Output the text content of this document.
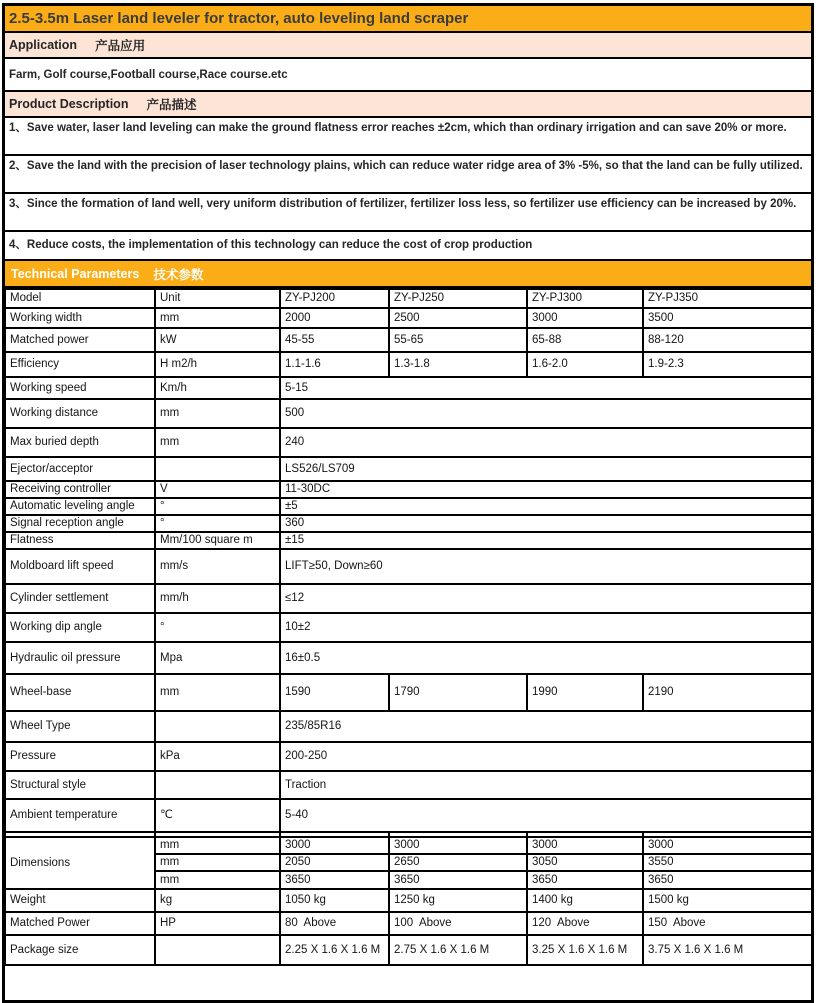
2.5-3.5m Laser land leveler for tractor, auto leveling land scraper
Application 产品应用
Farm, Golf course,Football course,Race course.etc
Product Description 产品描述
1、Save water, laser land leveling can make the ground flatness error reaches ±2cm, which than ordinary irrigation and can save 20% or more.
2、Save the land with the precision of laser technology plains, which can reduce water ridge area of 3% -5%, so that the land can be fully utilized.
3、Since the formation of land well, very uniform distribution of fertilizer, fertilizer loss less, so fertilizer use efficiency can be increased by 20%.
4、Reduce costs, the implementation of this technology can reduce the cost of crop production
Technical Parameters 技术参数
Model	Unit	ZY-PJ200	ZY-PJ250	ZY-PJ300	ZY-PJ350
Working width	mm	2000	2500	3000	3500
Matched power	kW	45-55	55-65	65-88	88-120
Efficiency	H m2/h	1.1-1.6	1.3-1.8	1.6-2.0	1.9-2.3
Working speed	Km/h	5-15			
Working distance	mm	500			
Max buried depth	mm	240			
Ejector/acceptor		LS526/LS709			
Receiving controller	V	11-30DC			
Automatic leveling angle	°	±5			
Signal reception angle	°	360			
Flatness	Mm/100 square m	±15			
Moldboard lift speed	mm/s	LIFT≥50, Down≥60			
Cylinder settlement	mm/h	≤12			
Working dip angle	°	10±2			
Hydraulic oil pressure	Mpa	16±0.5			
Wheel-base	mm	1590	1790	1990	2190
Wheel Type		235/85R16			
Pressure	kPa	200-250			
Structural style		Traction			
Ambient temperature	℃	5-40			

Dimensions	mm	3000	3000	3000	3000
	mm	2050	2650	3050	3550
	mm	3650	3650	3650	3650
Weight	kg	1050 kg	1250 kg	1400 kg	1500 kg
Matched Power	HP	80  Above	100  Above	120  Above	150  Above
Package size		2.25 X 1.6 X 1.6 M	2.75 X 1.6 X 1.6 M	3.25 X 1.6 X 1.6 M	3.75 X 1.6 X 1.6 M
